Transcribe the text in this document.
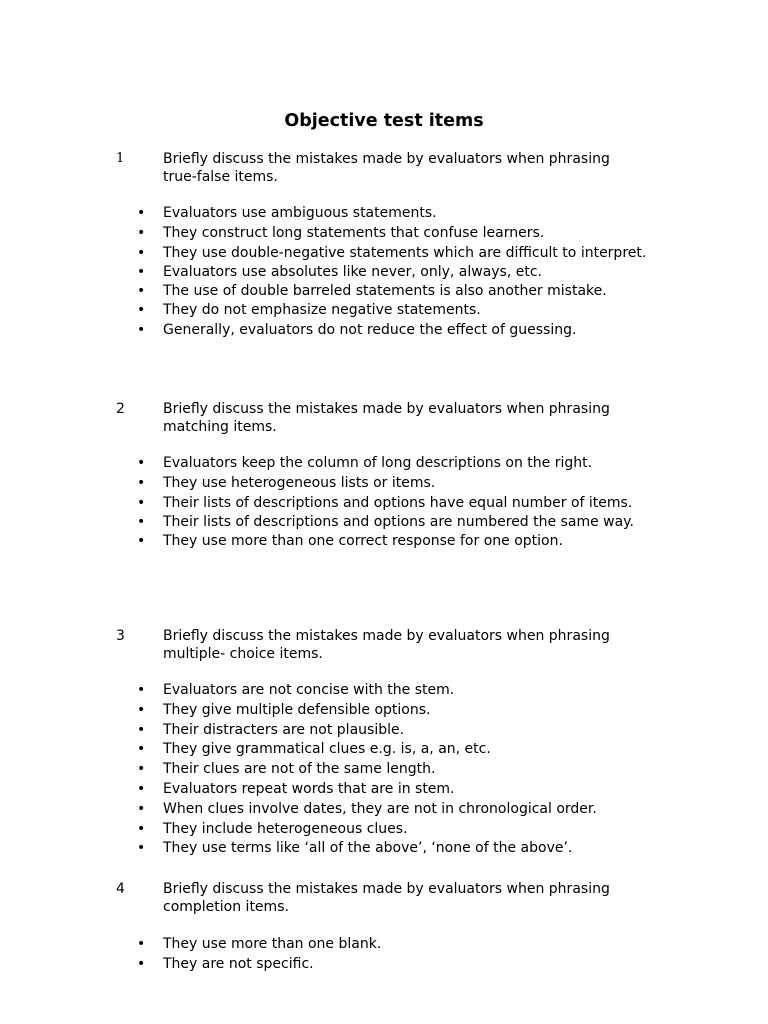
Objective test items
1	Briefly discuss the mistakes made by evaluators when phrasing true-false items.

• Evaluators use ambiguous statements.
• They construct long statements that confuse learners.
• They use double-negative statements which are difficult to interpret.
• Evaluators use absolutes like never, only, always, etc.
• The use of double barreled statements is also another mistake.
• They do not emphasize negative statements.
• Generally, evaluators do not reduce the effect of guessing.
2	Briefly discuss the mistakes made by evaluators when phrasing matching items.

• Evaluators keep the column of long descriptions on the right.
• They use heterogeneous lists or items.
• Their lists of descriptions and options have equal number of items.
• Their lists of descriptions and options are numbered the same way.
• They use more than one correct response for one option.
3	Briefly discuss the mistakes made by evaluators when phrasing multiple- choice items.

• Evaluators are not concise with the stem.
• They give multiple defensible options.
• Their distracters are not plausible.
• They give grammatical clues e.g. is, a, an, etc.
• Their clues are not of the same length.
• Evaluators repeat words that are in stem.
• When clues involve dates, they are not in chronological order.
• They include heterogeneous clues.
• They use terms like ‘all of the above’, ‘none of the above’.
4	Briefly discuss the mistakes made by evaluators when phrasing completion items.

• They use more than one blank.
• They are not specific.
